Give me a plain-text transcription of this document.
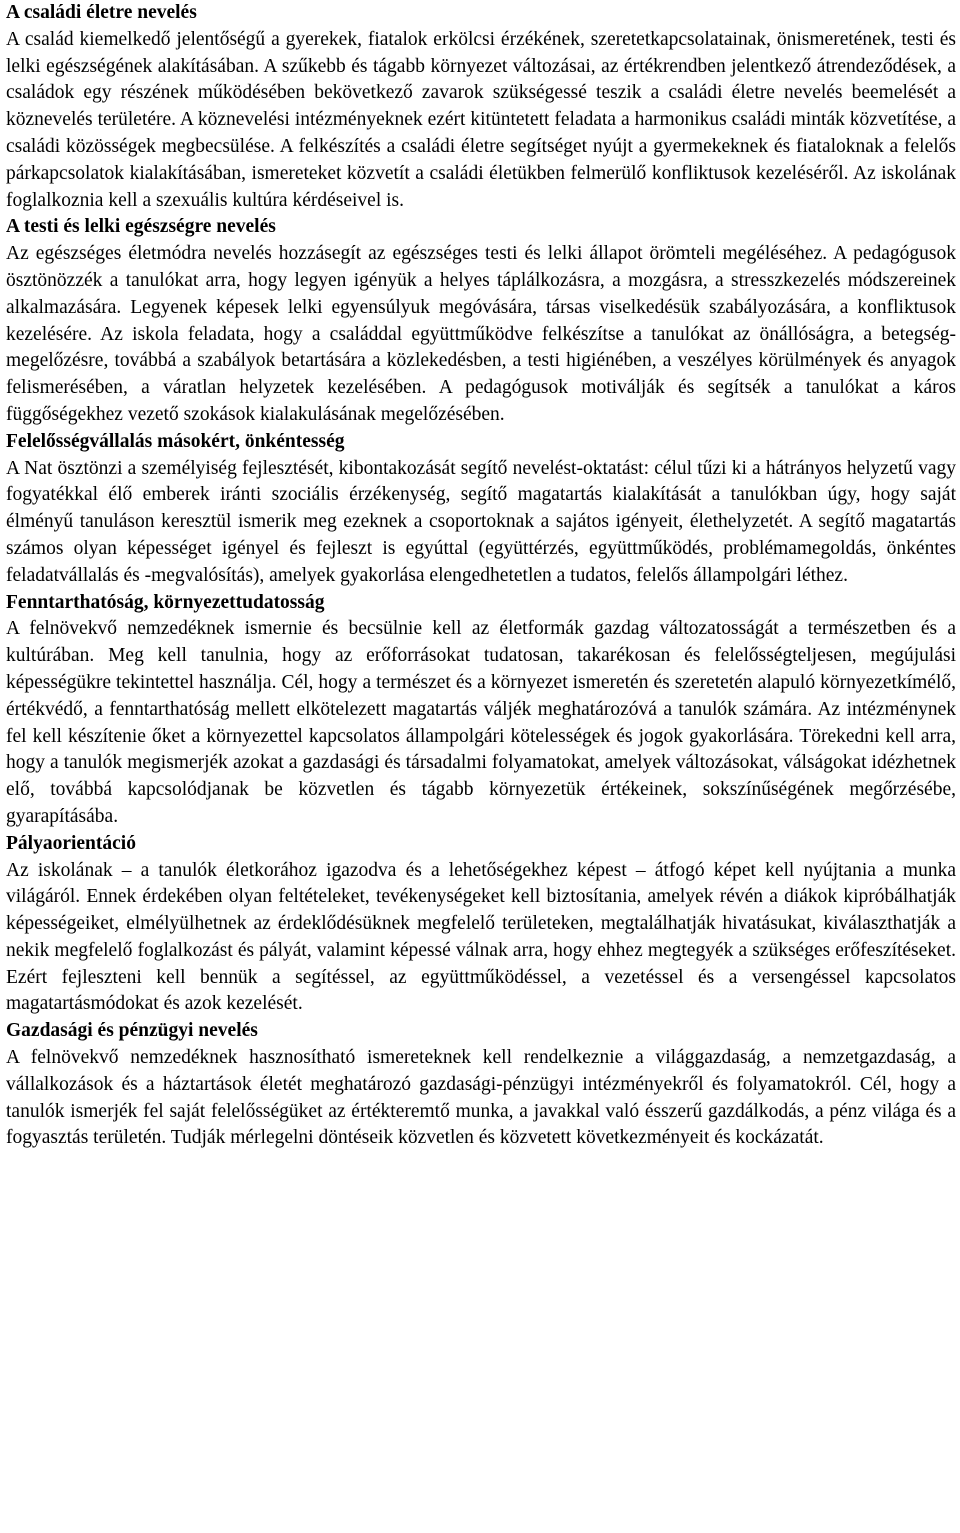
A családi életre nevelés

A család kiemelkedő jelentőségű a gyerekek, fiatalok erkölcsi érzékének, szeretetkapcsolatainak, önismeretének, testi és lelki egészségének alakításában. A szűkebb és tágabb környezet változásai, az értékrendben jelentkező átrendeződések, a családok egy részének működésében bekövetkező zavarok szükségessé teszik a családi életre nevelés beemelését a köznevelés területére. A köznevelési intézményeknek ezért kitüntetett feladata a harmonikus családi minták közvetítése, a családi közösségek megbecsülése. A felkészítés a családi életre segítséget nyújt a gyermekeknek és fiataloknak a felelős párkapcsolatok kialakításában, ismereteket közvetít a családi életükben felmerülő konfliktusok kezeléséről. Az iskolának foglalkoznia kell a szexuális kultúra kérdéseivel is.

A testi és lelki egészségre nevelés

Az egészséges életmódra nevelés hozzásegít az egészséges testi és lelki állapot örömteli megéléséhez. A pedagógusok ösztönözzék a tanulókat arra, hogy legyen igényük a helyes táplálkozásra, a mozgásra, a stresszkezelés módszereinek alkalmazására. Legyenek képesek lelki egyensúlyuk megóvására, társas viselkedésük szabályozására, a konfliktusok kezelésére. Az iskola feladata, hogy a családdal együttműködve felkészítse a tanulókat az önállóságra, a betegség-megelőzésre, továbbá a szabályok betartására a közlekedésben, a testi higiénében, a veszélyes körülmények és anyagok felismerésében, a váratlan helyzetek kezelésében. A pedagógusok motiválják és segítsék a tanulókat a káros függőségekhez vezető szokások kialakulásának megelőzésében.

Felelősségvállalás másokért, önkéntesség

A Nat ösztönzi a személyiség fejlesztését, kibontakozását segítő nevelést-oktatást: célul tűzi ki a hátrányos helyzetű vagy fogyatékkal élő emberek iránti szociális érzékenység, segítő magatartás kialakítását a tanulókban úgy, hogy saját élményű tanuláson keresztül ismerik meg ezeknek a csoportoknak a sajátos igényeit, élethelyzetét. A segítő magatartás számos olyan képességet igényel és fejleszt is egyúttal (együttérzés, együttműködés, problémamegoldás, önkéntes feladatvállalás és -megvalósítás), amelyek gyakorlása elengedhetetlen a tudatos, felelős állampolgári léthez.

Fenntarthatóság, környezettudatosság

A felnövekvő nemzedéknek ismernie és becsülnie kell az életformák gazdag változatosságát a természetben és a kultúrában. Meg kell tanulnia, hogy az erőforrásokat tudatosan, takarékosan és felelősségteljesen, megújulási képességükre tekintettel használja. Cél, hogy a természet és a környezet ismeretén és szeretetén alapuló környezetkímélő, értékvédő, a fenntarthatóság mellett elkötelezett magatartás váljék meghatározóvá a tanulók számára. Az intézménynek fel kell készítenie őket a környezettel kapcsolatos állampolgári kötelességek és jogok gyakorlására. Törekedni kell arra, hogy a tanulók megismerjék azokat a gazdasági és társadalmi folyamatokat, amelyek változásokat, válságokat idézhetnek elő, továbbá kapcsolódjanak be közvetlen és tágabb környezetük értékeinek, sokszínűségének megőrzésébe, gyarapításába.

Pályaorientáció

Az iskolának – a tanulók életkorához igazodva és a lehetőségekhez képest – átfogó képet kell nyújtania a munka világáról. Ennek érdekében olyan feltételeket, tevékenységeket kell biztosítania, amelyek révén a diákok kipróbálhatják képességeiket, elmélyülhetnek az érdeklődésüknek megfelelő területeken, megtalálhatják hivatásukat, kiválaszthatják a nekik megfelelő foglalkozást és pályát, valamint képessé válnak arra, hogy ehhez megtegyék a szükséges erőfeszítéseket. Ezért fejleszteni kell bennük a segítéssel, az együttműködéssel, a vezetéssel és a versengéssel kapcsolatos magatartásmódokat és azok kezelését.

Gazdasági és pénzügyi nevelés

A felnövekvő nemzedéknek hasznosítható ismereteknek kell rendelkeznie a világgazdaság, a nemzetgazdaság, a vállalkozások és a háztartások életét meghatározó gazdasági-pénzügyi intézményekről és folyamatokról. Cél, hogy a tanulók ismerjék fel saját felelősségüket az értékteremtő munka, a javakkal való ésszerű gazdálkodás, a pénz világa és a fogyasztás területén. Tudják mérlegelni döntéseik közvetlen és közvetett következményeit és kockázatát.
